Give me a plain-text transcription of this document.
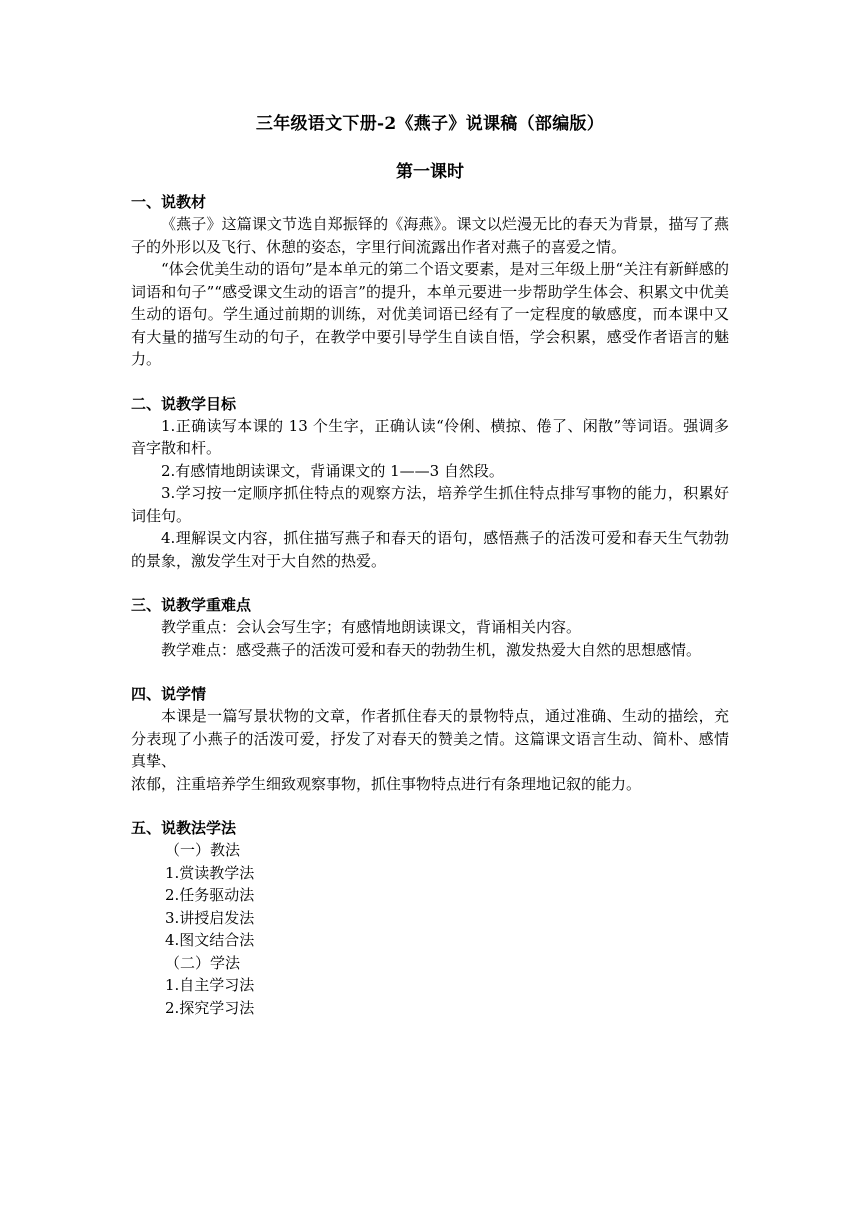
三年级语文下册-2《燕子》说课稿（部编版）
第一课时
一、说教材

《燕子》这篇课文节选自郑振铎的《海燕》。课文以烂漫无比的春天为背景，描写了燕子的外形以及飞行、休憩的姿态，字里行间流露出作者对燕子的喜爱之情。

“体会优美生动的语句”是本单元的第二个语文要素，是对三年级上册“关注有新鲜感的词语和句子”“感受课文生动的语言”的提升，本单元要进一步帮助学生体会、积累文中优美生动的语句。学生通过前期的训练，对优美词语已经有了一定程度的敏感度，而本课中又有大量的描写生动的句子，在教学中要引导学生自读自悟，学会积累，感受作者语言的魅力。

二、说教学目标

1.正确读写本课的 13 个生字，正确认读“伶俐、横掠、倦了、闲散”等词语。强调多音字散和杆。

2.有感情地朗读课文，背诵课文的 1——3 自然段。

3.学习按一定顺序抓住特点的观察方法，培养学生抓住特点排写事物的能力，积累好词佳句。

4.理解误文内容，抓住描写燕子和春天的语句，感悟燕子的活泼可爱和春天生气勃勃的景象，激发学生对于大自然的热爱。

三、说教学重难点

教学重点：会认会写生字；有感情地朗读课文，背诵相关内容。

教学难点：感受燕子的活泼可爱和春天的勃勃生机，激发热爱大自然的思想感情。

四、说学情

本课是一篇写景状物的文章，作者抓住春天的景物特点，通过准确、生动的描绘，充分表现了小燕子的活泼可爱，抒发了对春天的赞美之情。这篇课文语言生动、简朴、感情真挚、

浓郁，注重培养学生细致观察事物，抓住事物特点进行有条理地记叙的能力。

五、说教法学法
（一）教法
1.赏读教学法
2.任务驱动法
3.讲授启发法
4.图文结合法
（二）学法
1.自主学习法
2.探究学习法
